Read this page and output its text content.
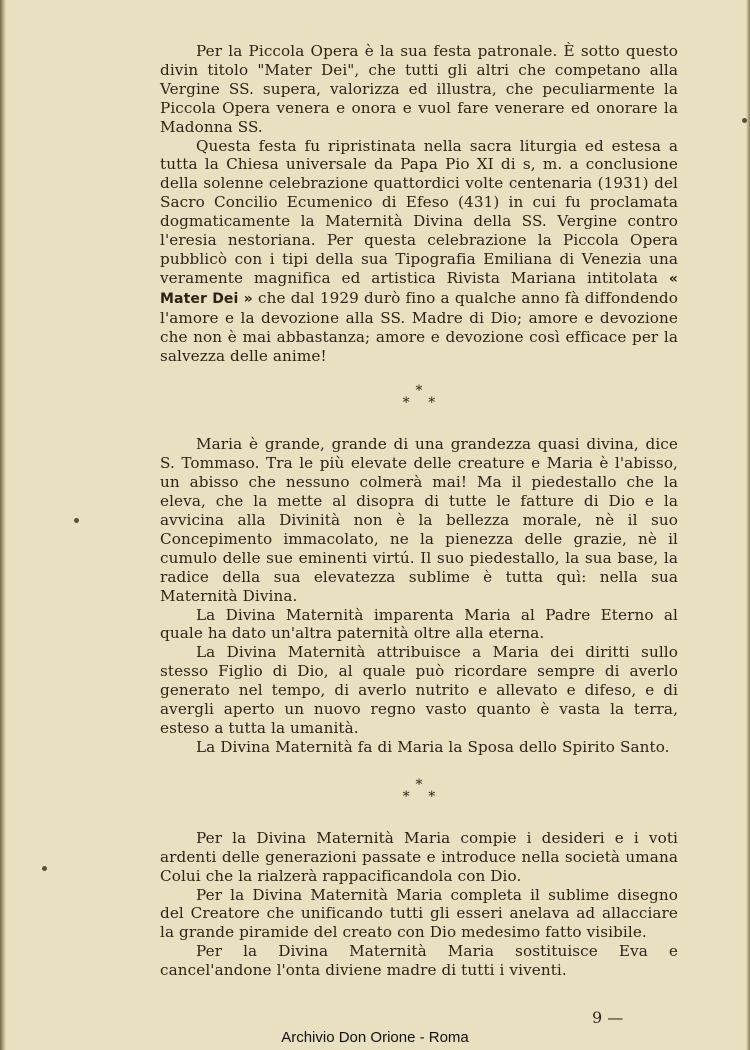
Per la Piccola Opera è la sua festa patronale. È sotto questo divin titolo "Mater Dei", che tutti gli altri che competano alla Vergine SS. supera, valorizza ed illustra, che peculiarmente la Piccola Opera venera e onora e vuol fare venerare ed onorare la Madonna SS.

Questa festa fu ripristinata nella sacra liturgia ed estesa a tutta la Chiesa universale da Papa Pio XI di s, m. a conclusione della solenne celebrazione quattordici volte centenaria (1931) del Sacro Concilio Ecumenico di Efeso (431) in cui fu proclamata dogmaticamente la Maternità Divina della SS. Vergine contro l'eresia nestoriana. Per questa celebrazione la Piccola Opera pubblicò con i tipi della sua Tipografia Emiliana di Venezia una veramente magnifica ed artistica Rivista Mariana intitolata « Mater Dei » che dal 1929 durò fino a qualche anno fà diffondendo l'amore e la devozione alla SS. Madre di Dio; amore e devozione che non è mai abbastanza; amore e devozione così efficace per la salvezza delle anime!

*
* *

Maria è grande, grande di una grandezza quasi divina, dice S. Tommaso. Tra le più elevate delle creature e Maria è l'abisso, un abisso che nessuno colmerà mai! Ma il piedestallo che la eleva, che la mette al disopra di tutte le fatture di Dio e la avvicina alla Divinità non è la bellezza morale, nè il suo Concepimento immacolato, ne la pienezza delle grazie, nè il cumulo delle sue eminenti virtú. Il suo piedestallo, la sua base, la radice della sua elevatezza sublime è tutta quì: nella sua Maternità Divina.

La Divina Maternità imparenta Maria al Padre Eterno al quale ha dato un'altra paternità oltre alla eterna.

La Divina Maternità attribuisce a Maria dei diritti sullo stesso Figlio di Dio, al quale può ricordare sempre di averlo generato nel tempo, di averlo nutrito e allevato e difeso, e di avergli aperto un nuovo regno vasto quanto è vasta la terra, esteso a tutta la umanità.

La Divina Maternità fa di Maria la Sposa dello Spirito Santo.

*
* *

Per la Divina Maternità Maria compie i desideri e i voti ardenti delle generazioni passate e introduce nella società umana Colui che la rialzerà rappacificandola con Dio.

Per la Divina Maternità Maria completa il sublime disegno del Creatore che unificando tutti gli esseri anelava ad allacciare la grande piramide del creato con Dio medesimo fatto visibile.

Per la Divina Maternità Maria sostituisce Eva e cancel'andone l'onta diviene madre di tutti i viventi.

9 —
Archivio Don Orione - Roma
